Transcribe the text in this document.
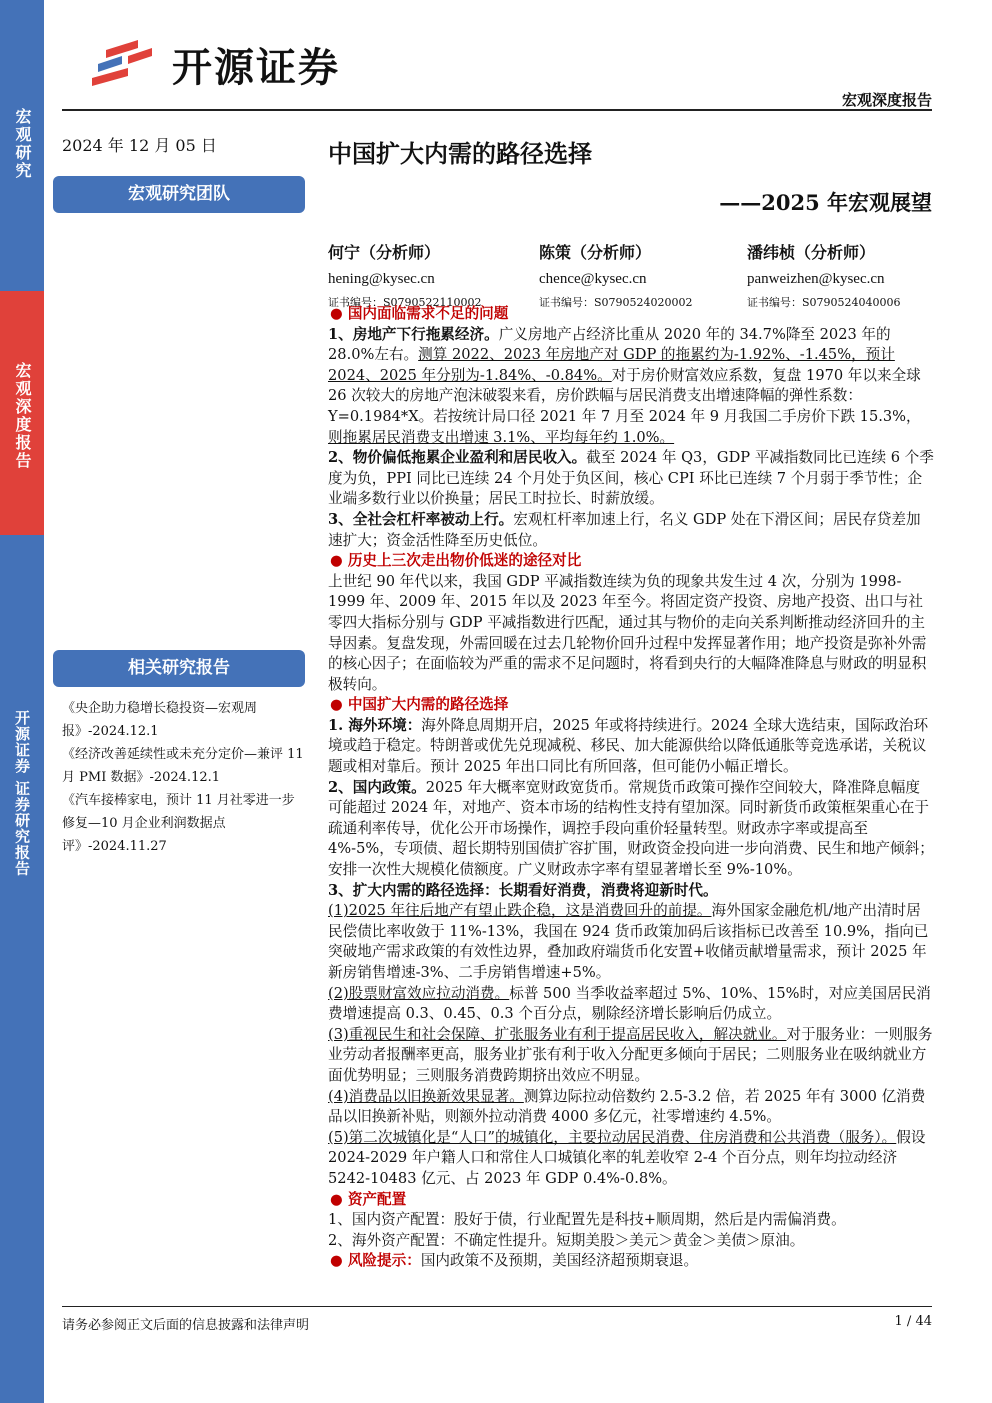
宏观研究
宏观深度报告
开源证券 证券研究报告
开源证券
宏观深度报告
2024 年 12 月 05 日	中国扩大内需的路径选择
——2025 年宏观展望
宏观研究团队
何宁（分析师）
hening@kysec.cn
证书编号：S0790522110002
陈策（分析师）
chence@kysec.cn
证书编号：S0790524020002
潘纬桢（分析师）
panweizhen@kysec.cn
证书编号：S0790524040006
相关研究报告

《央企助力稳增长稳投资—宏观周报》-2024.12.1

《经济改善延续性或未充分定价—兼评 11 月 PMI 数据》-2024.12.1

《汽车接棒家电，预计 11 月社零进一步修复—10 月企业利润数据点评》-2024.11.27

● 国内面临需求不足的问题

1、房地产下行拖累经济。广义房地产占经济比重从 2020 年的 34.7%降至 2023 年的 28.0%左右。测算 2022、2023 年房地产对 GDP 的拖累约为-1.92%、-1.45%，预计 2024、2025 年分别为-1.84%、-0.84%。对于房价财富效应系数，复盘 1970 年以来全球 26 次较大的房地产泡沫破裂来看，房价跌幅与居民消费支出增速降幅的弹性系数：Y=0.1984*X。若按统计局口径 2021 年 7 月至 2024 年 9 月我国二手房价下跌 15.3%，则拖累居民消费支出增速 3.1%、平均每年约 1.0%。

2、物价偏低拖累企业盈利和居民收入。截至 2024 年 Q3，GDP 平减指数同比已连续 6 个季度为负，PPI 同比已连续 24 个月处于负区间，核心 CPI 环比已连续 7 个月弱于季节性；企业端多数行业以价换量；居民工时拉长、时薪放缓。

3、全社会杠杆率被动上行。宏观杠杆率加速上行，名义 GDP 处在下滑区间；居民存贷差加速扩大；资金活性降至历史低位。

● 历史上三次走出物价低迷的途径对比

上世纪 90 年代以来，我国 GDP 平减指数连续为负的现象共发生过 4 次，分别为 1998-1999 年、2009 年、2015 年以及 2023 年至今。将固定资产投资、房地产投资、出口与社零四大指标分别与 GDP 平减指数进行匹配，通过其与物价的走向关系判断推动经济回升的主导因素。复盘发现，外需回暖在过去几轮物价回升过程中发挥显著作用；地产投资是弥补外需的核心因子；在面临较为严重的需求不足问题时，将看到央行的大幅降准降息与财政的明显积极转向。

● 中国扩大内需的路径选择

1. 海外环境：海外降息周期开启，2025 年或将持续进行。2024 全球大选结束，国际政治环境或趋于稳定。特朗普或优先兑现减税、移民、加大能源供给以降低通胀等竞选承诺，关税议题或相对靠后。预计 2025 年出口同比有所回落，但可能仍小幅正增长。

2、国内政策。2025 年大概率宽财政宽货币。常规货币政策可操作空间较大，降准降息幅度可能超过 2024 年，对地产、资本市场的结构性支持有望加深。同时新货币政策框架重心在于疏通利率传导，优化公开市场操作，调控手段向重价轻量转型。财政赤字率或提高至 4%-5%，专项债、超长期特别国债扩容扩围，财政资金投向进一步向消费、民生和地产倾斜；安排一次性大规模化债额度。广义财政赤字率有望显著增长至 9%-10%。

3、扩大内需的路径选择：长期看好消费，消费将迎新时代。

(1)2025 年往后地产有望止跌企稳，这是消费回升的前提。海外国家金融危机/地产出清时居民偿债比率收敛于 11%-13%，我国在 924 货币政策加码后该指标已改善至 10.9%，指向已突破地产需求政策的有效性边界，叠加政府端货币化安置+收储贡献增量需求，预计 2025 年新房销售增速-3%、二手房销售增速+5%。

(2)股票财富效应拉动消费。标普 500 当季收益率超过 5%、10%、15%时，对应美国居民消费增速提高 0.3、0.45、0.3 个百分点，剔除经济增长影响后仍成立。

(3)重视民生和社会保障、扩张服务业有利于提高居民收入，解决就业。对于服务业：一则服务业劳动者报酬率更高，服务业扩张有利于收入分配更多倾向于居民；二则服务业在吸纳就业方面优势明显；三则服务消费跨期挤出效应不明显。

(4)消费品以旧换新效果显著。测算边际拉动倍数约 2.5-3.2 倍，若 2025 年有 3000 亿消费品以旧换新补贴，则额外拉动消费 4000 多亿元，社零增速约 4.5%。

(5)第二次城镇化是“人口”的城镇化，主要拉动居民消费、住房消费和公共消费（服务）。假设 2024-2029 年户籍人口和常住人口城镇化率的轧差收窄 2-4 个百分点，则年均拉动经济 5242-10483 亿元、占 2023 年 GDP 0.4%-0.8%。

● 资产配置

1、国内资产配置：股好于债，行业配置先是科技+顺周期，然后是内需偏消费。

2、海外资产配置：不确定性提升。短期美股＞美元＞黄金＞美债＞原油。

● 风险提示：国内政策不及预期，美国经济超预期衰退。

请务必参阅正文后面的信息披露和法律声明	1 / 44
